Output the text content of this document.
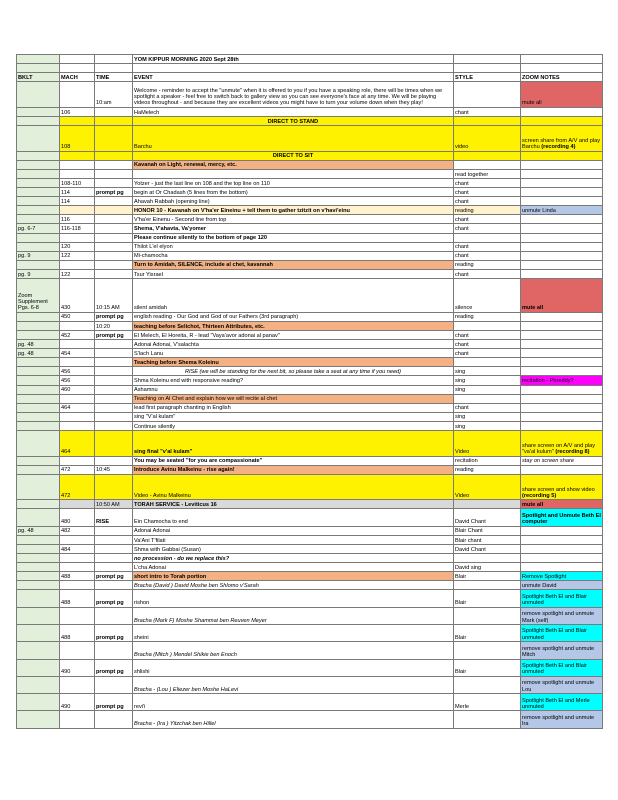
			YOM KIPPUR MORNING 2020 Sept 28th		

BKLT	MACH	TIME	EVENT	STYLE	ZOOM NOTES
		10:am	Welcome - reminder to accept the "unmute" when it is offered to you if you have a speaking role, there will be times when we spotlight a speaker - feel free to switch back to gallery view so you can see everyone's face at any time. We will be playing videos throughout - and because they are excellent videos you might have to turn your volume down when they play!		mute all
	106		HaMelech	chant	
			DIRECT TO STAND		
	108		Barchu	video	screen share from A/V and play Barchu (recording 4)
			DIRECT TO SIT		
			Kavanah on Light, renewal, mercy, etc.		
				read together	
	108-110		Yotzer - just the last line on 108 and the top line on 110	chant	
	114	prompt pg	begin at Or Chadash (5 lines from the bottom)	chant	
	114		Ahavah Rabbah (opening line)	chant	
			HONOR 10 - Kavanah on V'ha'er Eineinu + tell them to gather tzitzit on v'havi'einu	reading	unmute Linda
	116		V'ha'er Einenu - Second line from top	chant	
pg. 6-7	116-118		Shema, V'ahavta, Va'yomer	chant	
			Please continue silently to the bottom of page 120		
	120		Thilot L'el elyon	chant	
pg. 9	122		Mi-chamocha	chant	
			Turn to Amidah, SILENCE, include al chet, kavannah	reading	
pg. 9	122		Tsur Yisrael	chant	
Zoom Supplement Pgs. 6-8	430	10:15 AM	silent amidah	silence	mute all
	450	prompt pg	english reading - Our God and God of our Fathers (3rd paragraph)	reading	
		10:20	teaching before Selichot, Thirteen Attributes, etc.		
	452	prompt pg	El Melech, El Horeita, R - lead "Vaya'avor adonai al panav"	chant	
pg. 48			Adonai Adonai, V'salachta	chant	
pg. 48	454		S'lach Lanu	chant	
			Teaching before Shema Koleinu		
	456		RISE (we will be standing for the next bit, so please take a seat at any time if you need)	sing	
	456		Shma Koleinu end with responsive reading?	sing	recitation - Phreddy?
	460		Ashamnu	sing	
			Teaching on Al Chet and explain how we will recite al chet		
	464		lead first paragraph chanting in English	chant	
			sing "V'al kulam"	sing	
			Continue silently	sing	
	464		sing final "v'al kulam"	Video	share screen on A/V and play "va'al kulum" (recording 8)
			You may be seated "for you are compassionate"	recitation	stay on screen share
	472	10:45	Introduce Avinu Malkeinu - rise again!	reading	
	472		Video - Avinu Malkeinu	Video	share screen and show video (recording 5)
		10:50 AM	TORAH SERVICE - Leviticus 16		mute all
	480	RISE	Ein Chamocha to end	David Chant	Spotlight and Unmute Beth El computer
pg. 48	482		Adonai Adonai	Blair Chant	
			Va'Ani T'filati	Blair chant	
	484		Shma with Gabbai (Susan)	David Chant	
			no procession - do we replace this?		
			L'cha Adonai	David sing	
	488	prompt pg	short intro to Torah portion	Blair	Remove Spotlight
			Bracha (David ) David Moshe ben Shlomo v'Sarah		unmute David
	488	prompt pg	rishon	Blair	Spotlight Beth El and Blair unmuted
			Bracha (Mark F) Moshe Shammai ben Reuven Meyer		remove spotlight and unmute Mark (self)
	488	prompt pg	sheini	Blair	Spotlight Beth El and Blair unmuted
			Bracha (Mitch ) Mendel Shikie ben Enoch		remove spotlight and unmute Mitch
	490	prompt pg	shlishi	Blair	Spotlight Beth El and Blair unmuted
			Bracha - (Lou ) Eliezer ben Moshe HaLevi		remove spotlight and unmute Lou
	490	prompt pg	revi'i	Merle	Spotlight Beth El and Merle unmuted
			Bracha - (Ira ) Yitzchak ben Hillel		remove spotlight and unmute Ira
